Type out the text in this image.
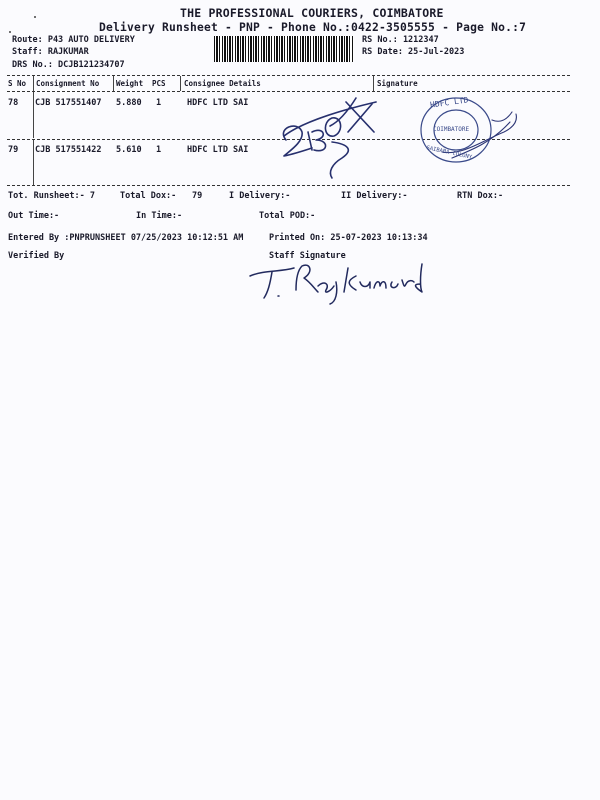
THE PROFESSIONAL COURIERS, COIMBATORE
Delivery Runsheet - PNP - Phone No.:0422-3505555 - Page No.:7
Route: P43 AUTO DELIVERY
Staff: RAJKUMAR
DRS No.: DCJB121234707
RS No.: 1212347
RS Date: 25-Jul-2023
S No Consignment No Weight PCS Consignee Details	Signature
78 CJB 517551407 5.880 1	HDFC LTD SAI
79 CJB 517551422 5.610 1	HDFC LTD SAI
HDFC LTD
COIMBATORE
SAIBABA COLONY
Tot. Runsheet:- 7	Total Dox:- 79	I Delivery:-	II Delivery:-	RTN Dox:-
Out Time:-	In Time:-	Total POD:-
Entered By :PNPRUNSHEET 07/25/2023 10:12:51 AM	Printed On: 25-07-2023 10:13:34
Verified By	Staff Signature
